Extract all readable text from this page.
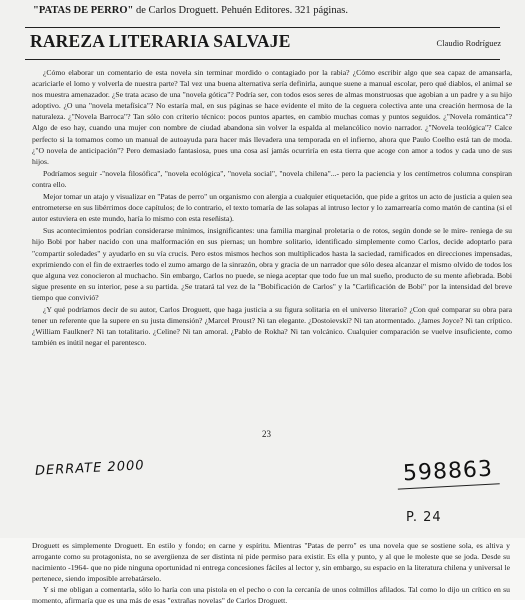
"PATAS DE PERRO" de Carlos Droguett. Pehuén Editores. 321 páginas.
RAREZA LITERARIA SALVAJE	Claudio Rodríguez

¿Cómo elaborar un comentario de esta novela sin terminar mordido o contagiado por la rabia? ¿Cómo escribir algo que sea capaz de amansarla, acariciarle el lomo y volverla de nuestra parte? Tal vez una buena alternativa sería definirla, aunque suene a manual escolar, pero qué diablos, el animal se nos muestra amenazador. ¿Se trata acaso de una "novela gótica"? Podría ser, con todos esos seres de almas monstruosas que agobian a un padre y a su hijo adoptivo. ¿O una "novela metafísica"? No estaría mal, en sus páginas se hace evidente el mito de la ceguera colectiva ante una creación hermosa de la naturaleza. ¿"Novela Barroca"? Tan sólo con criterio técnico: pocos puntos apartes, en cambio muchas comas y puntos seguidos. ¿"Novela romántica"? Algo de eso hay, cuando una mujer con nombre de ciudad abandona sin volver la espalda al melancólico novio narrador. ¿"Novela teológica"? Calce perfecto si la tomamos como un manual de autoayuda para hacer más llevadera una temporada en el infierno, ahora que Paulo Coelho está tan de moda. ¿"O novela de anticipación"? Pero demasiado fantasiosa, pues una cosa así jamás ocurriría en esta tierra que acoge con amor a todos y cada uno de sus hijos.

Podríamos seguir -"novela filosófica", "novela ecológica", "novela social", "novela chilena"...- pero la paciencia y los centímetros columna conspiran contra ello.

Mejor tomar un atajo y visualizar en "Patas de perro" un organismo con alergia a cualquier etiquetación, que pide a gritos un acto de justicia a quien sea entrometerse en sus libérrimos doce capítulos; de lo contrario, el texto tomaría de las solapas al intruso lector y lo zamarrearía como matón de cantina (si el autor estuviera en este mundo, haría lo mismo con esta reseñista).

Sus acontecimientos podrían considerarse mínimos, insignificantes: una familia marginal proletaria o de rotos, según donde se le mire- reniega de su hijo Bobi por haber nacido con una malformación en sus piernas; un hombre solitario, identificado simplemente como Carlos, decide adoptarlo para "compartir soledades" y ayudarlo en su vía crucis. Pero estos mismos hechos son multiplicados hasta la saciedad, ramificados en direcciones impensadas, exprimiendo con el fin de extraerles todo el zumo amargo de la sinrazón, obra y gracia de un narrador que sólo desea alcanzar el mismo olvido de todos los que alguna vez conocieron al muchacho. Sin embargo, Carlos no puede, se niega aceptar que todo fue un mal sueño, producto de su mente afiebrada. Bobi sigue presente en su interior, pese a su partida. ¿Se tratará tal vez de la "Bobificación de Carlos" y la "Carlificación de Bobi" por la intensidad del breve tiempo que convivió?

¿Y qué podríamos decir de su autor, Carlos Droguett, que haga justicia a su figura solitaria en el universo literario? ¿Con qué comparar su obra para tener un referente que la supere en su justa dimensión? ¿Marcel Proust? Ni tan elegante. ¿Dostoievski? Ni tan atormentado. ¿James Joyce? Ni tan críptico. ¿William Faulkner? Ni tan totalitario. ¿Celine? Ni tan amoral. ¿Pablo de Rokha? Ni tan volcánico. Cualquier comparación se vuelve insuficiente, como también es inútil negar el parentesco.

23
DERRATE 2000	598863
P. 24

Droguett es simplemente Droguett. En estilo y fondo; en carne y espíritu. Mientras "Patas de perro" es una novela que se sostiene sola, es altiva y arrogante como su protagonista, no se avergüenza de ser distinta ni pide permiso para existir. Es ella y punto, y al que le moleste que se joda. Desde su nacimiento -1964- que no pide ninguna oportunidad ni entrega concesiones fáciles al lector y, sin embargo, su espacio en la literatura chilena y universal le pertenece, siendo imposible arrebatárselo.

Y si me obligan a comentarla, sólo lo haría con una pistola en el pecho o con la cercanía de unos colmillos afilados. Tal como lo dijo un crítico en su momento, afirmaría que es una más de esas "extrañas novelas" de Carlos Droguett.
